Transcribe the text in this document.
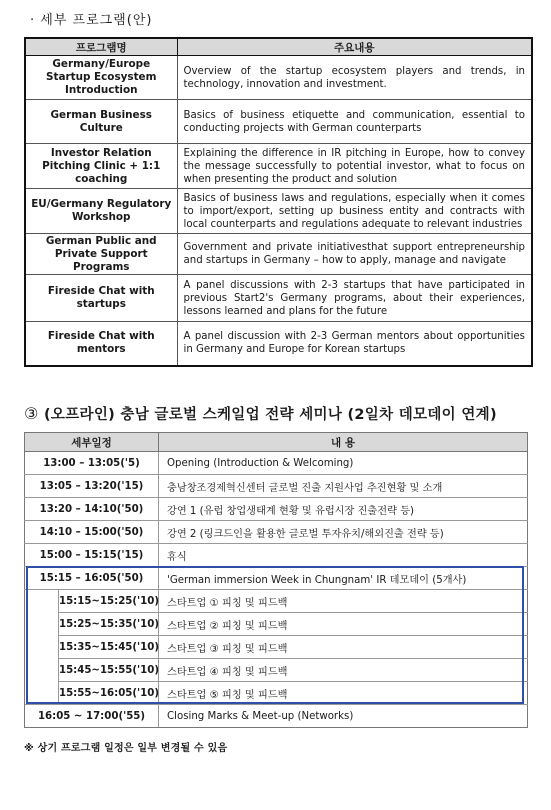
· 세부 프로그램(안)
프로그램명	주요내용
Germany/Europe Startup Ecosystem Introduction	Overview of the startup ecosystem players and trends, in technology, innovation and investment.
German Business Culture	Basics of business etiquette and communication, essential to conducting projects with German counterparts
Investor Relation Pitching Clinic + 1:1 coaching	Explaining the difference in IR pitching in Europe, how to convey the message successfully to potential investor, what to focus on when presenting the product and solution
EU/Germany Regulatory Workshop	Basics of business laws and regulations, especially when it comes to import/export, setting up business entity and contracts with local counterparts and regulations adequate to relevant industries
German Public and Private Support Programs	Government and private initiativesthat support entrepreneurship and startups in Germany – how to apply, manage and navigate
Fireside Chat with startups	A panel discussions with 2-3 startups that have participated in previous Start2's Germany programs, about their experiences, lessons learned and plans for the future
Fireside Chat with mentors	A panel discussion with 2-3 German mentors about opportunities in Germany and Europe for Korean startups
③ (오프라인) 충남 글로벌 스케일업 전략 세미나 (2일차 데모데이 연계)
세부일정		내 용
13:00 – 13:05('5)		Opening (Introduction & Welcoming)
13:05 – 13:20('15)		충남창조경제혁신센터 글로벌 진출 지원사업 추진현황 및 소개
13:20 – 14:10('50)		강연 1 (유럽 창업생태계 현황 및 유럽시장 진출전략 등)
14:10 – 15:00('50)		강연 2 (링크드인을 활용한 글로벌 투자유치/해외진출 전략 등)
15:00 – 15:15('15)		휴식
15:15 – 16:05('50)		'German immersion Week in Chungnam' IR 데모데이 (5개사)
	15:15~15:25('10)	스타트업 ① 피칭 및 피드백
	15:25~15:35('10)	스타트업 ② 피칭 및 피드백
	15:35~15:45('10)	스타트업 ③ 피칭 및 피드백
	15:45~15:55('10)	스타트업 ④ 피칭 및 피드백
	15:55~16:05('10)	스타트업 ⑤ 피칭 및 피드백
16:05 ~ 17:00('55)		Closing Marks & Meet-up (Networks)
※ 상기 프로그램 일정은 일부 변경될 수 있음
